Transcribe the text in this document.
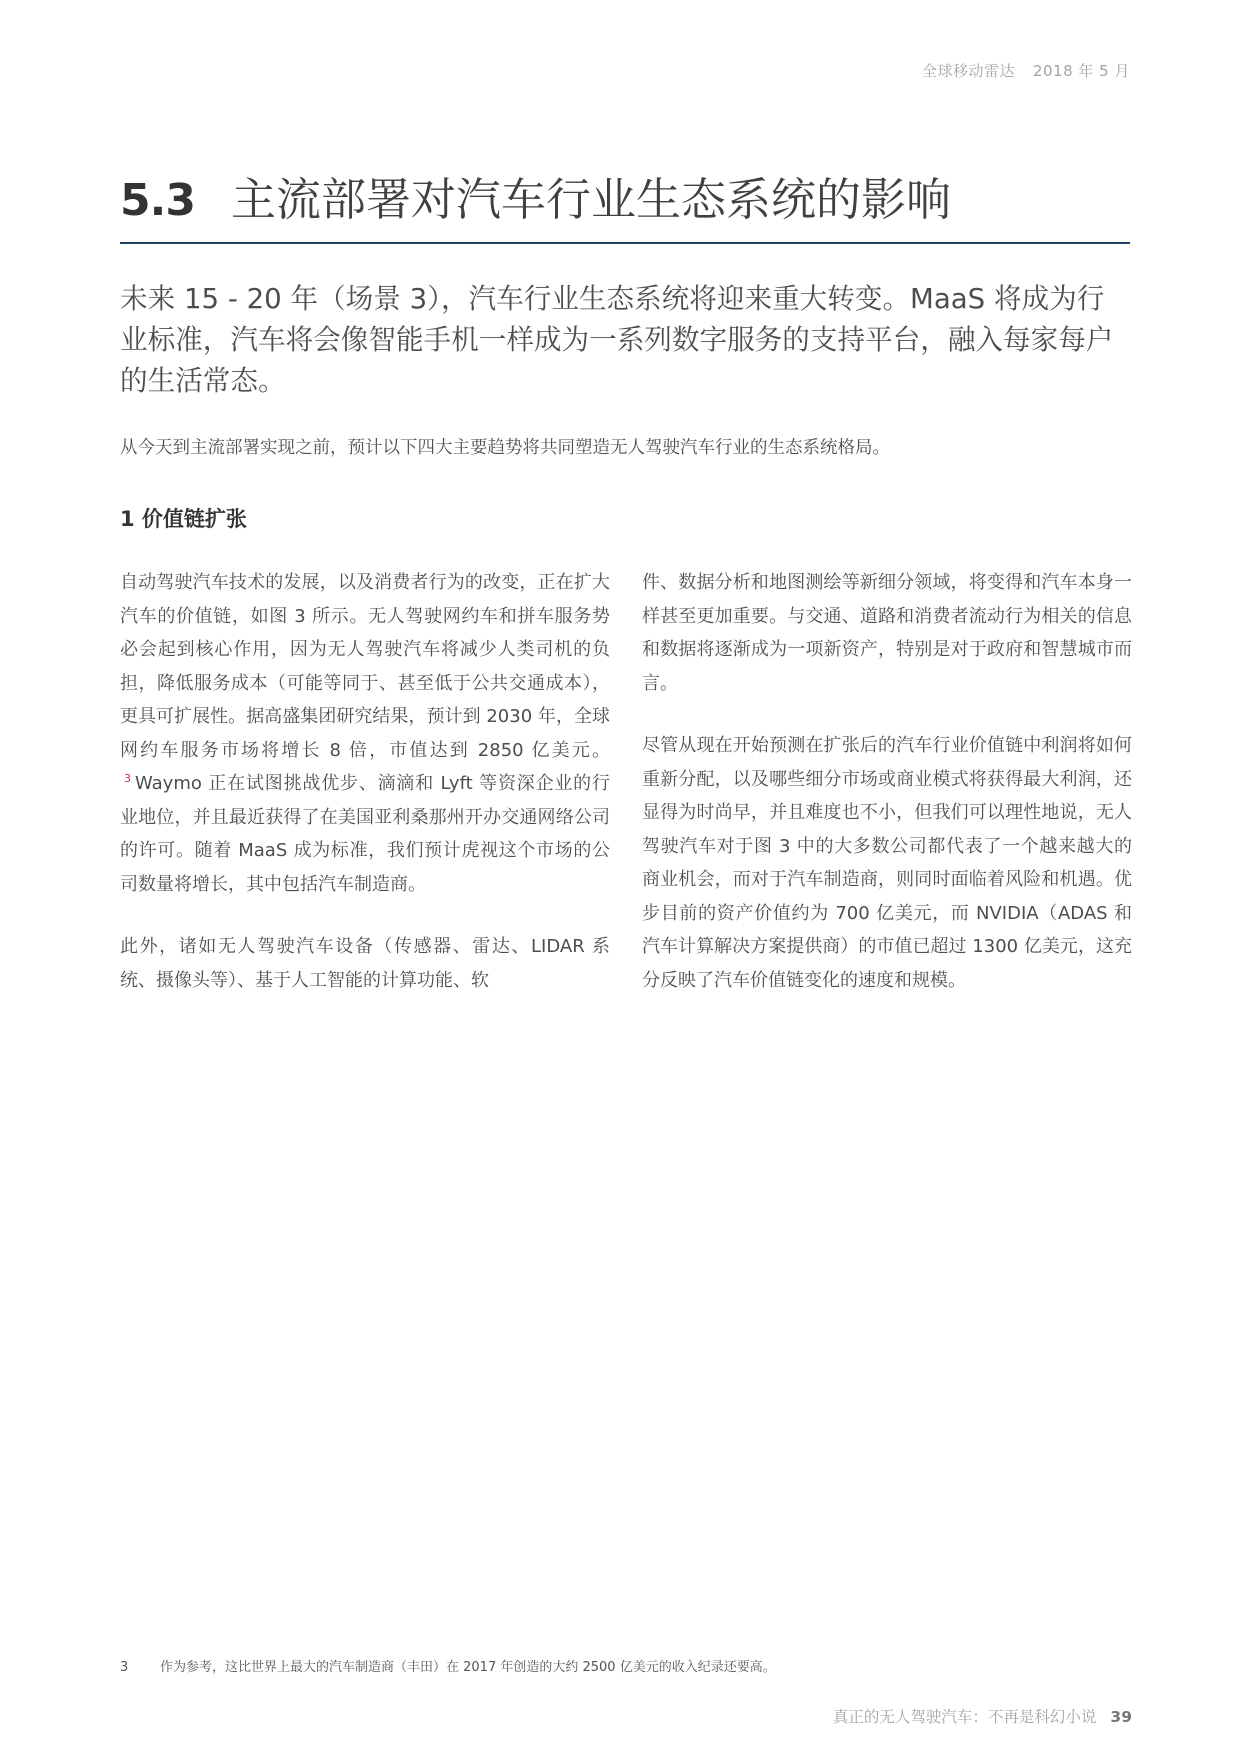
全球移动雷达 2018 年 5 月
5.3 主流部署对汽车行业生态系统的影响

未来 15 - 20 年（场景 3），汽车行业生态系统将迎来重大转变。MaaS 将成为行业标准，汽车将会像智能手机一样成为一系列数字服务的支持平台，融入每家每户的生活常态。

从今天到主流部署实现之前，预计以下四大主要趋势将共同塑造无人驾驶汽车行业的生态系统格局。

1 价值链扩张

自动驾驶汽车技术的发展，以及消费者行为的改变，正在扩大汽车的价值链，如图 3 所示。无人驾驶网约车和拼车服务势必会起到核心作用，因为无人驾驶汽车将减少人类司机的负担，降低服务成本（可能等同于、甚至低于公共交通成本），更具可扩展性。据高盛集团研究结果，预计到 2030 年，全球网约车服务市场将增长 8 倍，市值达到 2850 亿美元。$^3$ Waymo 正在试图挑战优步、滴滴和 Lyft 等资深企业的行业地位，并且最近获得了在美国亚利桑那州开办交通网络公司的许可。随着 MaaS 成为标准，我们预计虎视这个市场的公司数量将增长，其中包括汽车制造商。

此外，诸如无人驾驶汽车设备（传感器、雷达、LIDAR 系统、摄像头等）、基于人工智能的计算功能、软

件、数据分析和地图测绘等新细分领域，将变得和汽车本身一样甚至更加重要。与交通、道路和消费者流动行为相关的信息和数据将逐渐成为一项新资产，特别是对于政府和智慧城市而言。

尽管从现在开始预测在扩张后的汽车行业价值链中利润将如何重新分配，以及哪些细分市场或商业模式将获得最大利润，还显得为时尚早，并且难度也不小，但我们可以理性地说，无人驾驶汽车对于图 3 中的大多数公司都代表了一个越来越大的商业机会，而对于汽车制造商，则同时面临着风险和机遇。优步目前的资产价值约为 700 亿美元，而 NVIDIA（ADAS 和汽车计算解决方案提供商）的市值已超过 1300 亿美元，这充分反映了汽车价值链变化的速度和规模。

3 作为参考，这比世界上最大的汽车制造商（丰田）在 2017 年创造的大约 2500 亿美元的收入纪录还要高。
真正的无人驾驶汽车：不再是科幻小说 39
